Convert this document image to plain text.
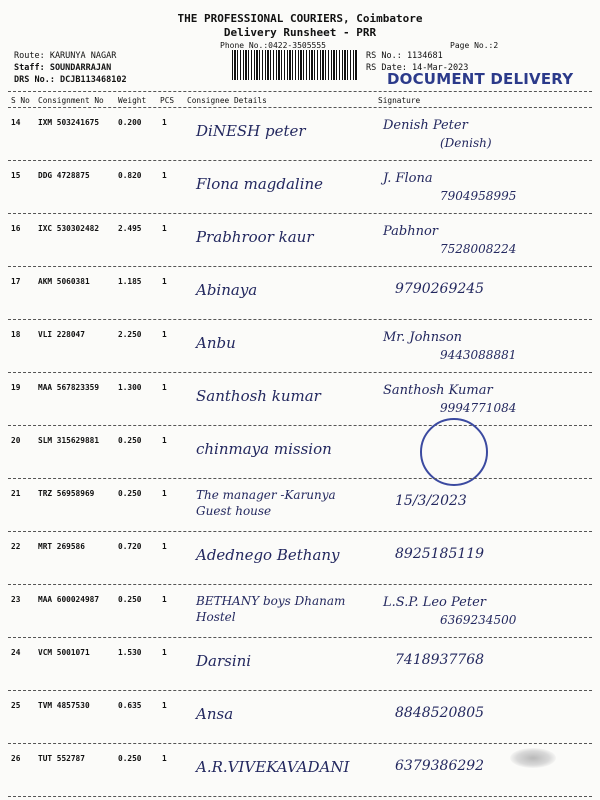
THE PROFESSIONAL COURIERS, Coimbatore
Delivery Runsheet - PRR
Phone No.:0422-3505555	Page No.:2
Route: KARUNYA NAGAR
Staff: SOUNDARRAJAN
DRS No.: DCJB113468102
RS No.: 1134681
RS Date: 14-Mar-2023
DOCUMENT DELIVERY
S No Consignment No Weight PCS Consignee Details	Signature
14 IXM 503241675 0.200	1 DiNESH peter	Denish Peter
(Denish)
15 DDG 4728875	0.820	1 Flona magdaline	J. Flona
7904958995
16 IXC 530302482 2.495	1 Prabhroor kaur	Pabhnor
7528008224
17 AKM 5060381	1.185	1 Abinaya	9790269245
18 VLI 228047	2.250	1 Anbu	Mr. Johnson
9443088881
19 MAA 567823359 1.300	1 Santhosh kumar	Santhosh Kumar
9994771084
20 SLM 315629881 0.250	1 chinmaya mission
21 TRZ 56958969	0.250	1 The manager -Karunya Guest house
15/3/2023
22 MRT 269586	0.720	1 Adednego Bethany	8925185119
23 MAA 600024987 0.250	1 BETHANY boys Dhanam Hostel
L.S.P. Leo Peter
6369234500
24 VCM 5001071	1.530	1 Darsini	7418937768
25 TVM 4857530	0.635	1 Ansa	8848520805
26 TUT 552787	0.250	1 A.R.VIVEKAVADANI	6379386292
